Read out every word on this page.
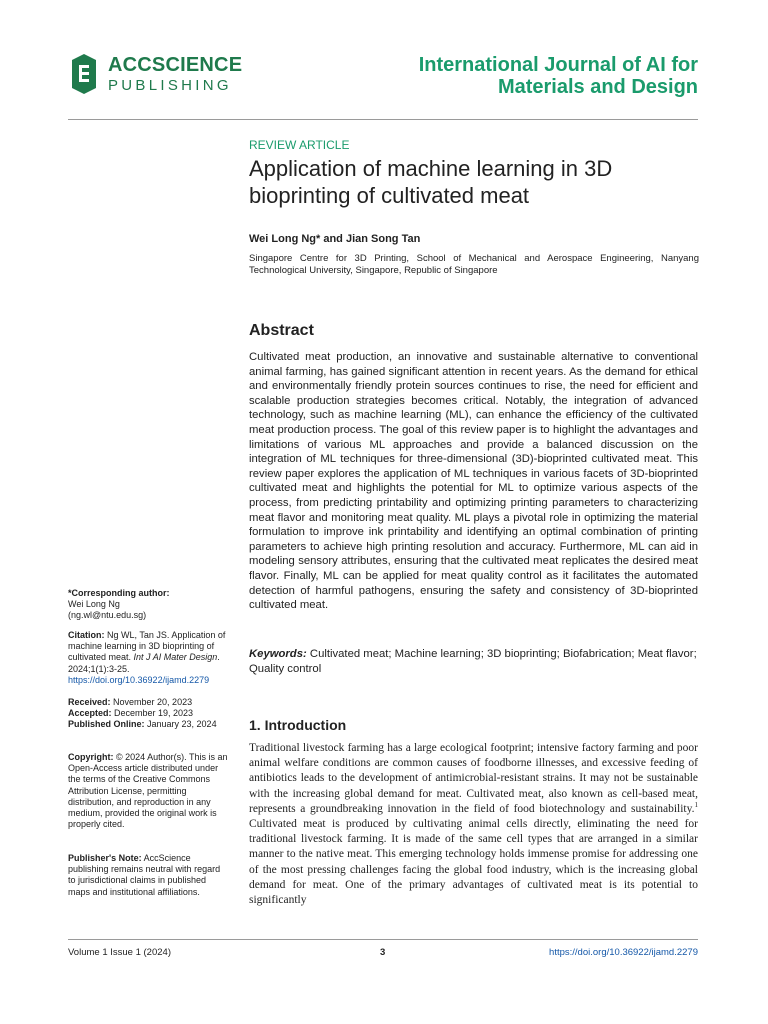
ACCSCIENCE
PUBLISHING
International Journal of AI for
Materials and Design
REVIEW ARTICLE
Application of machine learning in 3D bioprinting of cultivated meat
Wei Long Ng* and Jian Song Tan
Singapore Centre for 3D Printing, School of Mechanical and Aerospace Engineering, Nanyang Technological University, Singapore, Republic of Singapore
Abstract

Cultivated meat production, an innovative and sustainable alternative to conventional animal farming, has gained significant attention in recent years. As the demand for ethical and environmentally friendly protein sources continues to rise, the need for efficient and scalable production strategies becomes critical. Notably, the integration of advanced technology, such as machine learning (ML), can enhance the efficiency of the cultivated meat production process. The goal of this review paper is to highlight the advantages and limitations of various ML approaches and provide a balanced discussion on the integration of ML techniques for three-dimensional (3D)-bioprinted cultivated meat. This review paper explores the application of ML techniques in various facets of 3D-bioprinted cultivated meat and highlights the potential for ML to optimize various aspects of the process, from predicting printability and optimizing printing parameters to characterizing meat flavor and monitoring meat quality. ML plays a pivotal role in optimizing the material formulation to improve ink printability and identifying an optimal combination of printing parameters to achieve high printing resolution and accuracy. Furthermore, ML can aid in modeling sensory attributes, ensuring that the cultivated meat replicates the desired meat flavor. Finally, ML can be applied for meat quality control as it facilitates the automated detection of harmful pathogens, ensuring the safety and consistency of 3D-bioprinted cultivated meat.

Keywords: Cultivated meat; Machine learning; 3D bioprinting; Biofabrication; Meat flavor; Quality control
1. Introduction

Traditional livestock farming has a large ecological footprint; intensive factory farming and poor animal welfare conditions are common causes of foodborne illnesses, and excessive feeding of antibiotics leads to the development of antimicrobial-resistant strains. It may not be sustainable with the increasing global demand for meat. Cultivated meat, also known as cell-based meat, represents a groundbreaking innovation in the field of food biotechnology and sustainability.$^1$ Cultivated meat is produced by cultivating animal cells directly, eliminating the need for traditional livestock farming. It is made of the same cell types that are arranged in a similar manner to the native meat. This emerging technology holds immense promise for addressing one of the most pressing challenges facing the global food industry, which is the increasing global demand for meat. One of the primary advantages of cultivated meat is its potential to significantly

*Corresponding author:
Wei Long Ng
(ng.wl@ntu.edu.sg)
Citation: Ng WL, Tan JS. Application of machine learning in 3D bioprinting of cultivated meat. Int J AI Mater Design. 2024;1(1):3-25.
https://doi.org/10.36922/ijamd.2279
Received: November 20, 2023
Accepted: December 19, 2023
Published Online: January 23, 2024
Copyright: © 2024 Author(s). This is an Open-Access article distributed under the terms of the Creative Commons Attribution License, permitting distribution, and reproduction in any medium, provided the original work is properly cited.
Publisher's Note: AccScience publishing remains neutral with regard to jurisdictional claims in published maps and institutional affiliations.
Volume 1 Issue 1 (2024)	3	https://doi.org/10.36922/ijamd.2279
